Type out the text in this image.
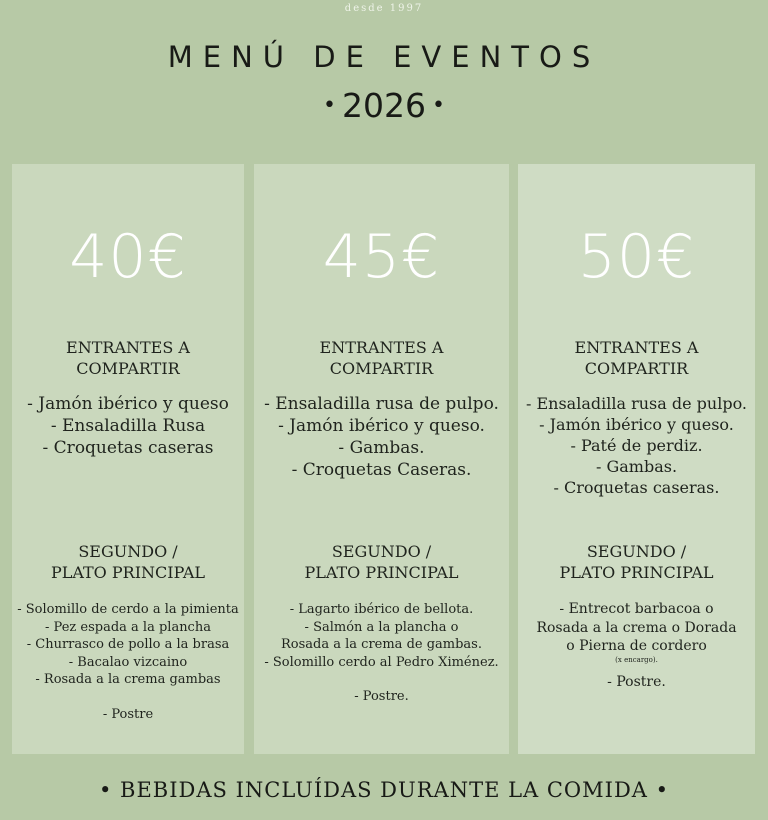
desde 1997
MENÚ DE EVENTOS
• 2026 •
40€
ENTRANTES A
COMPARTIR
- Jamón ibérico y queso
- Ensaladilla Rusa
- Croquetas caseras
SEGUNDO /
PLATO PRINCIPAL
- Solomillo de cerdo a la pimienta
- Pez espada a la plancha
- Churrasco de pollo a la brasa
- Bacalao vizcaino
- Rosada a la crema gambas
- Postre
45€
ENTRANTES A
COMPARTIR
- Ensaladilla rusa de pulpo.
- Jamón ibérico y queso.
- Gambas.
- Croquetas Caseras.
SEGUNDO /
PLATO PRINCIPAL
- Lagarto ibérico de bellota.
- Salmón a la plancha o
Rosada a la crema de gambas.
- Solomillo cerdo al Pedro Ximénez.
- Postre.
50€
ENTRANTES A
COMPARTIR
- Ensaladilla rusa de pulpo.
- Jamón ibérico y queso.
- Paté de perdiz.
- Gambas.
- Croquetas caseras.
SEGUNDO /
PLATO PRINCIPAL
- Entrecot barbacoa o
Rosada a la crema o Dorada
o Pierna de cordero
(x encargo).
- Postre.
• BEBIDAS INCLUÍDAS DURANTE LA COMIDA •
